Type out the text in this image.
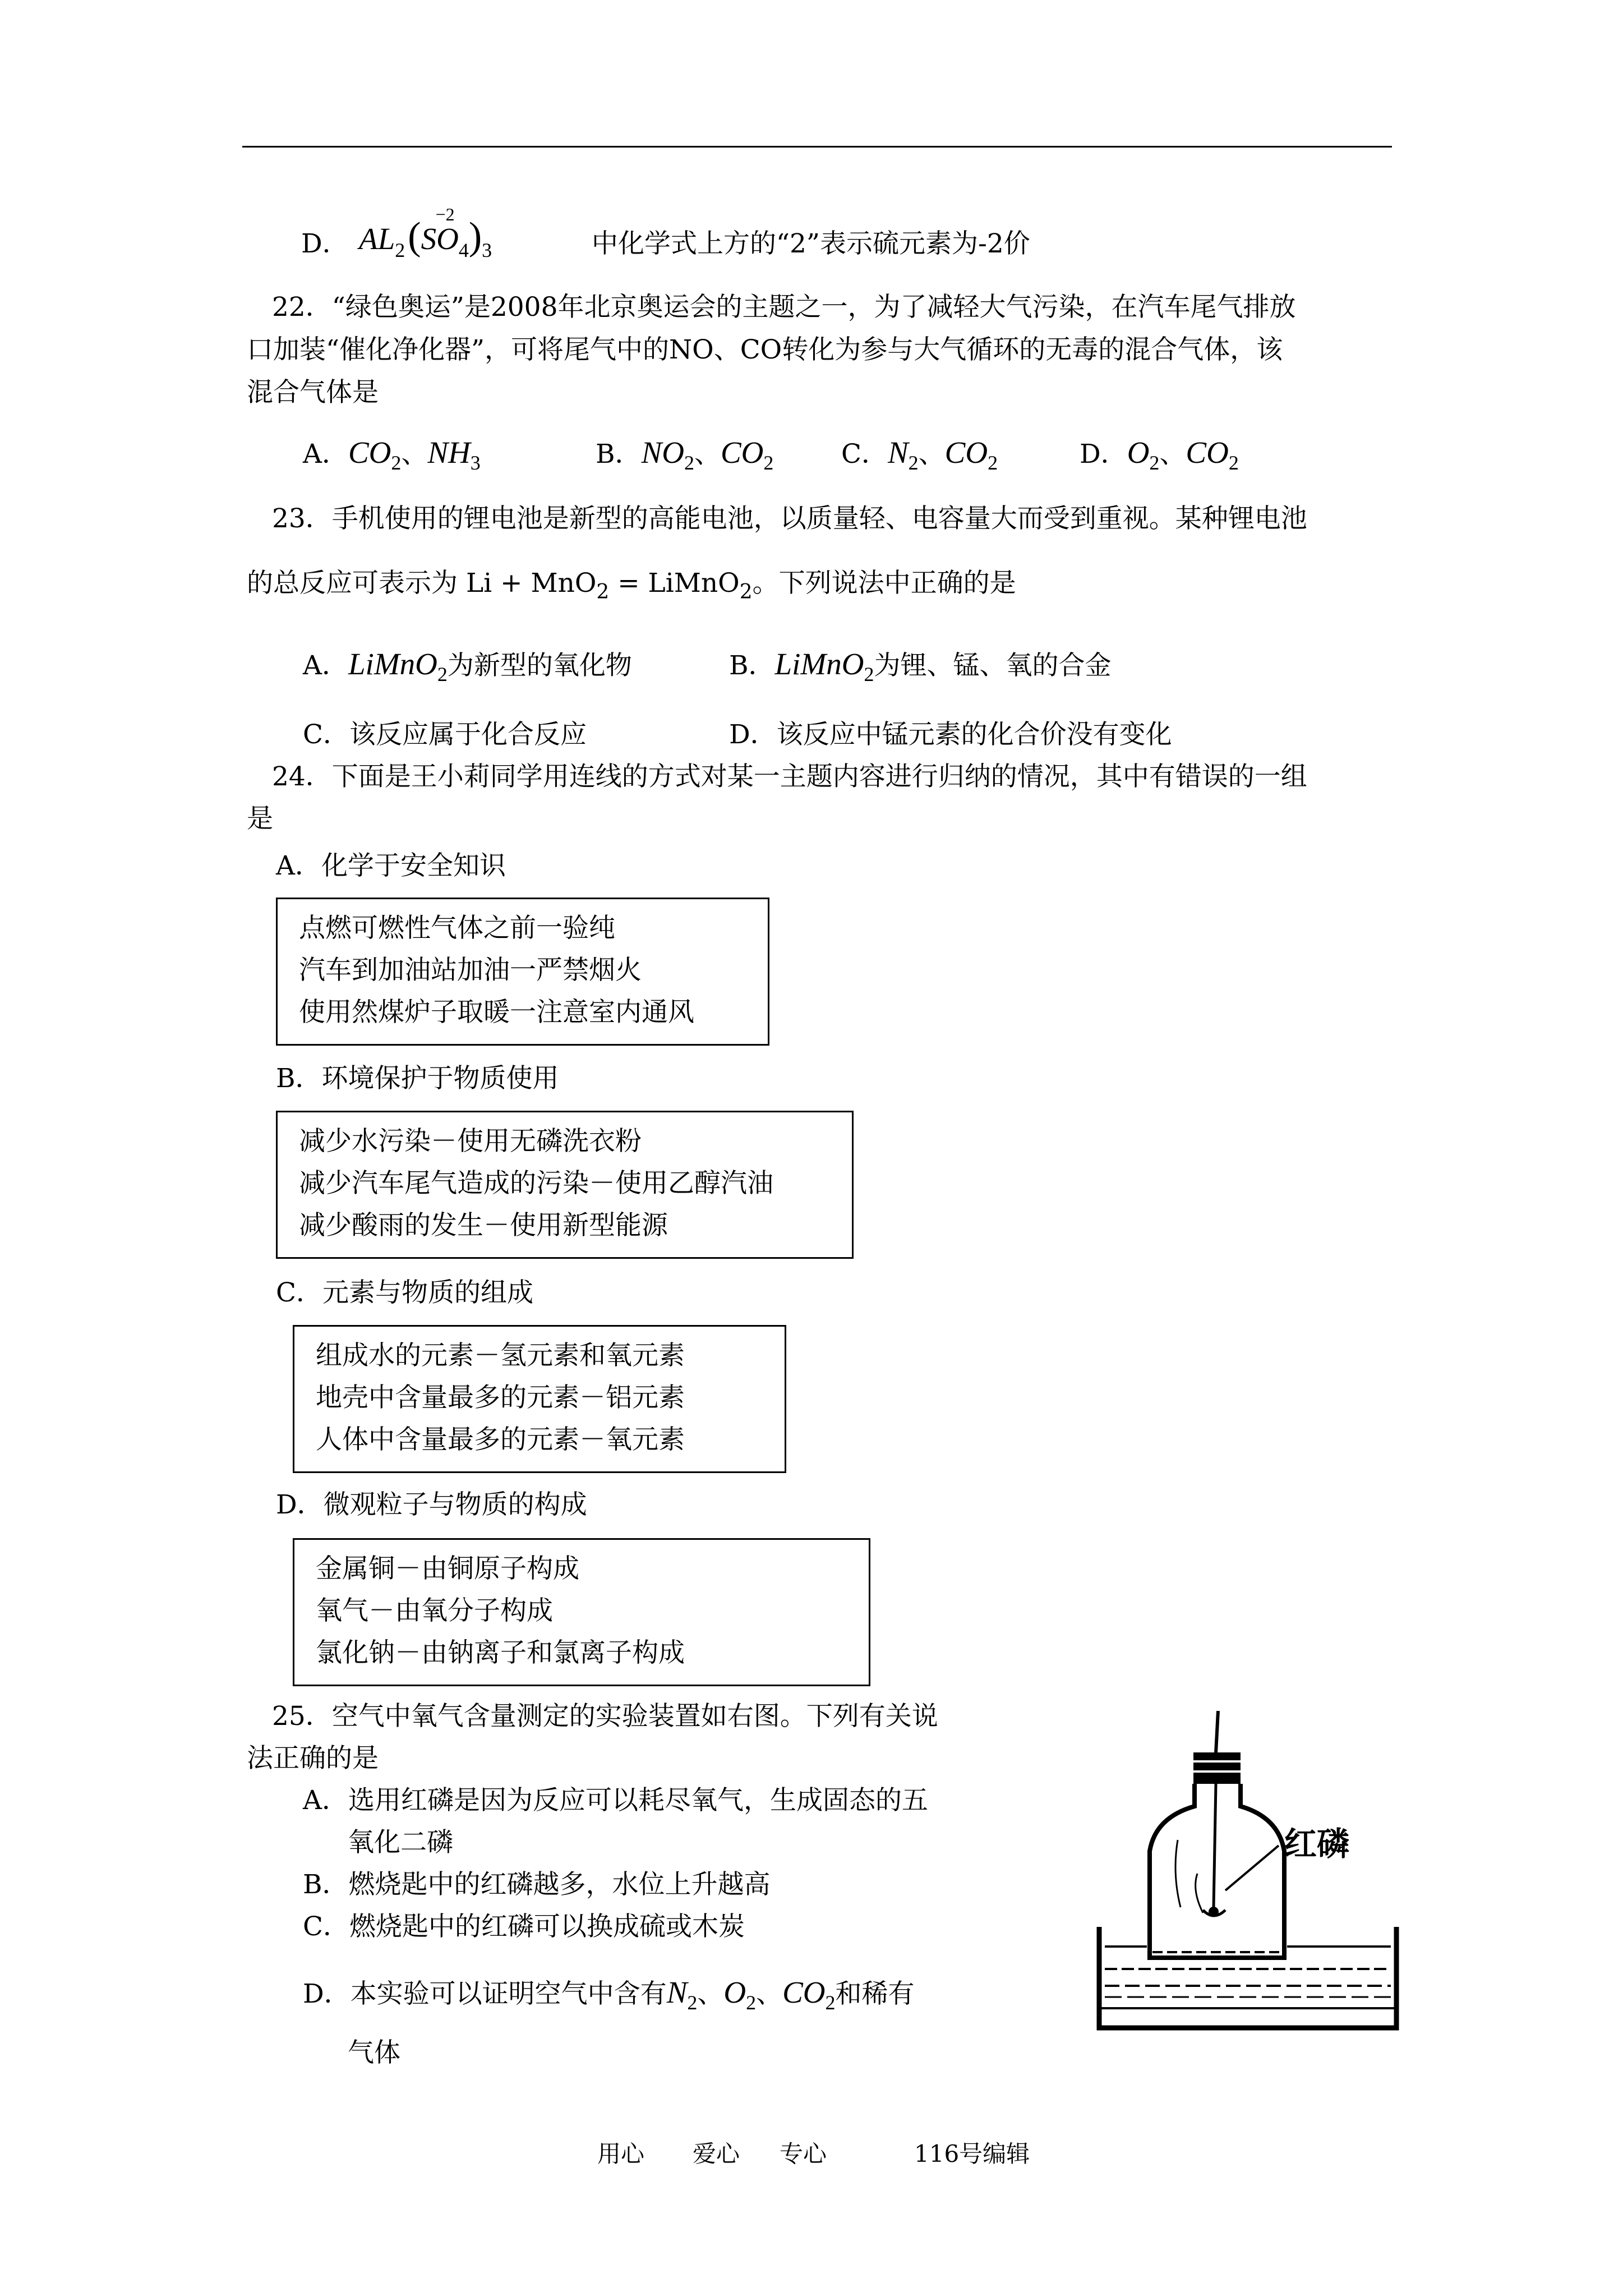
D． AL2 (SO
−2
4)3	中化学式上方的“2”表示硫元素为-2价
22．“绿色奥运”是2008年北京奥运会的主题之一，为了减轻大气污染，在汽车尾气排放
口加装“催化净化器”，可将尾气中的NO、CO转化为参与大气循环的无毒的混合气体，该
混合气体是
A．CO2、NH3	B．NO2、CO2	C．N2、CO2	D．O2、CO2
23．手机使用的锂电池是新型的高能电池，以质量轻、电容量大而受到重视。某种锂电池
的总反应可表示为 Li + MnO$_2$ = LiMnO$_2$。下列说法中正确的是
A．LiMnO2为新型的氧化物	B．LiMnO2为锂、锰、氧的合金
C．该反应属于化合反应	D．该反应中锰元素的化合价没有变化
24．下面是王小莉同学用连线的方式对某一主题内容进行归纳的情况，其中有错误的一组
是
A．化学于安全知识
点燃可燃性气体之前一验纯
汽车到加油站加油一严禁烟火
使用然煤炉子取暖一注意室内通风
B．环境保护于物质使用
减少水污染－使用无磷洗衣粉
减少汽车尾气造成的污染－使用乙醇汽油
减少酸雨的发生－使用新型能源
C．元素与物质的组成
组成水的元素－氢元素和氧元素
地壳中含量最多的元素－铝元素
人体中含量最多的元素－氧元素
D．微观粒子与物质的构成
金属铜－由铜原子构成
氧气－由氧分子构成
氯化钠－由钠离子和氯离子构成
25．空气中氧气含量测定的实验装置如右图。下列有关说
法正确的是
A．选用红磷是因为反应可以耗尽氧气，生成固态的五
氧化二磷
B．燃烧匙中的红磷越多，水位上升越高
C．燃烧匙中的红磷可以换成硫或木炭
D．本实验可以证明空气中含有N2、O2、CO2和稀有
气体
红磷
用心 爱心 专心	116号编辑
